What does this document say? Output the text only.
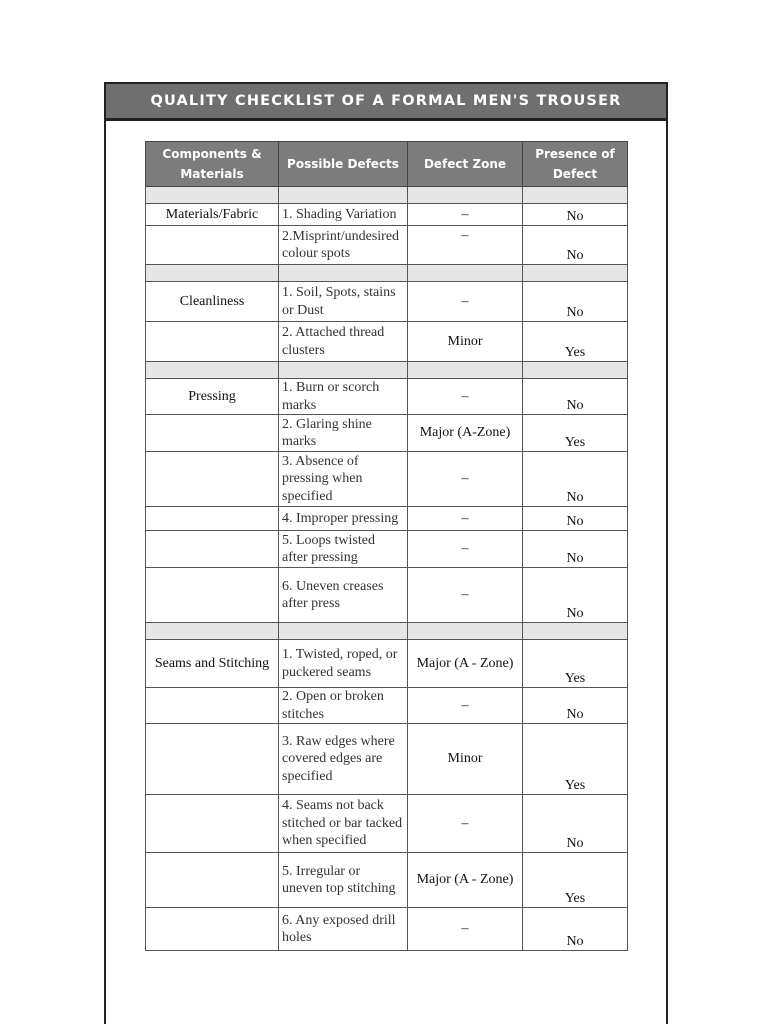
QUALITY CHECKLIST OF A FORMAL MEN'S TROUSER
Components & Materials	Possible Defects	Defect Zone	Presence of Defect

Materials/Fabric	1. Shading Variation	–	No
	2.Misprint/undesired colour spots	–	No

Cleanliness	1. Soil, Spots, stains or Dust	–	No
	2. Attached thread clusters	Minor	Yes

Pressing	1. Burn or scorch marks	–	No
	2. Glaring shine marks	Major (A-Zone)	Yes
	3. Absence of pressing when specified	–	No
	4. Improper pressing	–	No
	5. Loops twisted after pressing	–	No
	6. Uneven creases after press	–	No

Seams and Stitching	1. Twisted, roped, or puckered seams	Major (A - Zone)	Yes
	2. Open or broken stitches	–	No
	3. Raw edges where covered edges are specified	Minor	Yes
	4. Seams not back stitched or bar tacked when specified	–	No
	5. Irregular or uneven top stitching	Major (A - Zone)	Yes
	6. Any exposed drill holes	–	No
